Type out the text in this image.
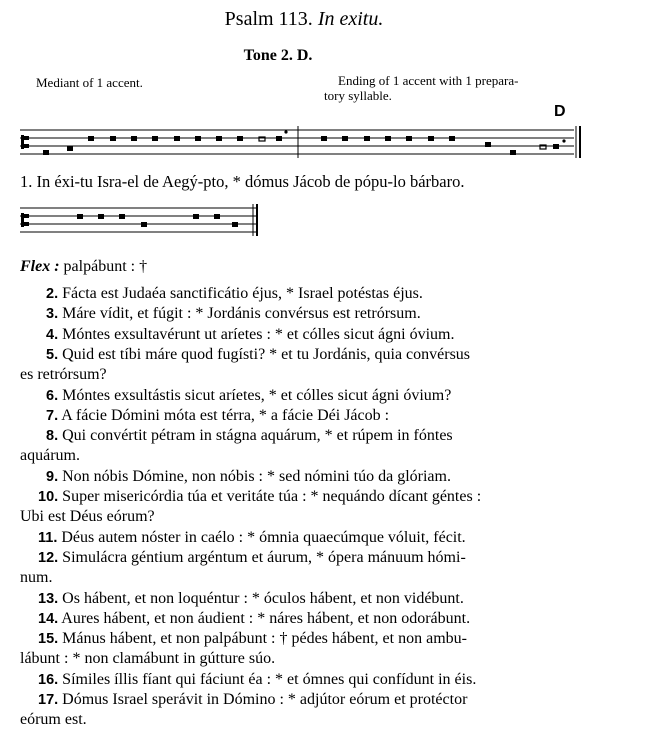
Psalm 113. In exitu.
Tone 2. D.
Mediant of 1 accent.	Ending of 1 accent with 1 prepara-
tory syllable.
D
1. In éxi-tu Isra-el de Aegý-pto, * dómus Jácob de pópu-lo bárbaro.
Flex : palpábunt : †
2. Fácta est Judaéa sanctificátio éjus, * Israel potéstas éjus.
3. Máre vídit, et fúgit : * Jordánis convérsus est retrórsum.
4. Móntes exsultavérunt ut aríetes : * et cólles sicut ágni óvium.
5. Quid est tíbi máre quod fugísti? * et tu Jordánis, quia convérsus
es retrórsum?
6. Móntes exsultástis sicut aríetes, * et cólles sicut ágni óvium?
7. A fácie Dómini móta est térra, * a fácie Déi Jácob :
8. Qui convértit pétram in stágna aquárum, * et rúpem in fóntes
aquárum.
9. Non nóbis Dómine, non nóbis : * sed nómini túo da glóriam.
10. Super misericórdia túa et veritáte túa : * nequándo dícant géntes :
Ubi est Déus eórum?
11. Déus autem nóster in caélo : * ómnia quaecúmque vóluit, fécit.
12. Simulácra géntium argéntum et áurum, * ópera mánuum hómi-
num.
13. Os hábent, et non loquéntur : * óculos hábent, et non vidébunt.
14. Aures hábent, et non áudient : * náres hábent, et non odorábunt.
15. Mánus hábent, et non palpábunt : † pédes hábent, et non ambu-
lábunt : * non clamábunt in gútture súo.
16. Símiles íllis fíant qui fáciunt éa : * et ómnes qui confídunt in éis.
17. Dómus Israel sperávit in Dómino : * adjútor eórum et protéctor
eórum est.
